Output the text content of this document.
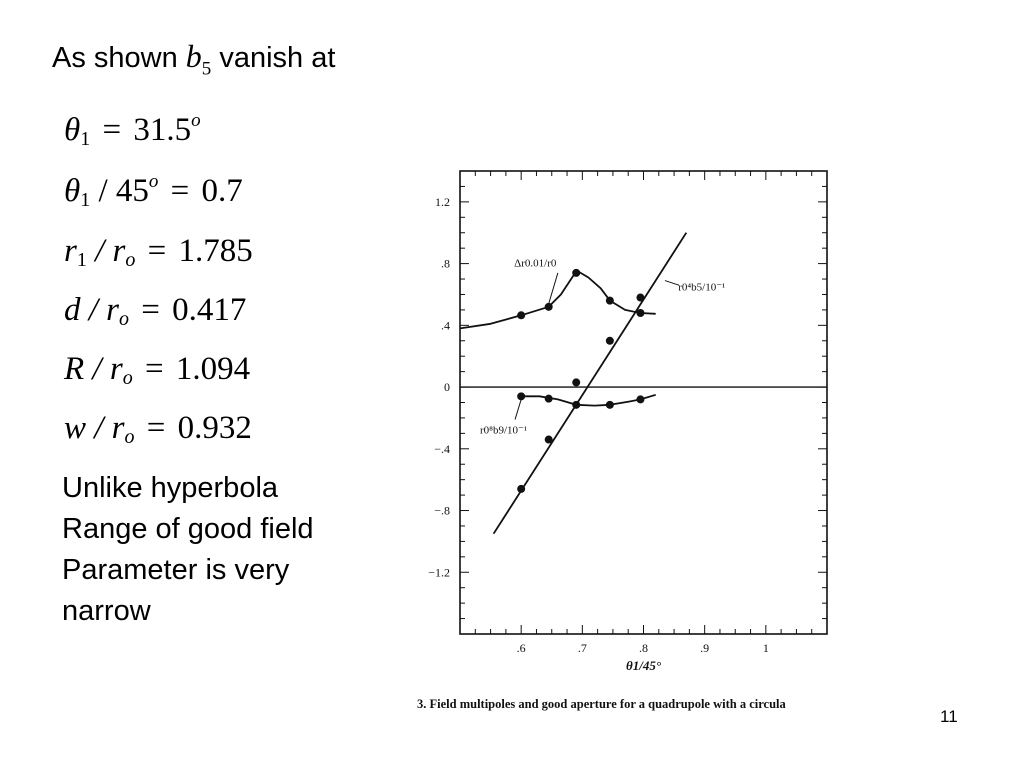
As shown $b_5$ vanish at
$\theta_1 = 31.5^o$
$\theta_1 / 45^o = 0.7$
$r_1 / r_o = 1.785$
$d / r_o = 0.417$
$R / r_o = 1.094$
$w / r_o = 0.932$
Unlike hyperbola
Range of good field
Parameter is very
narrow
.6	.7	.8	.9	1
1.2
.8
.4
0
−.4
−.8
−1.2
θ1/45°
Δr0.01/r0
r0⁴b5/10⁻¹
r0⁸b9/10⁻¹
3. Field multipoles and good aperture for a quadrupole with a circula
11
